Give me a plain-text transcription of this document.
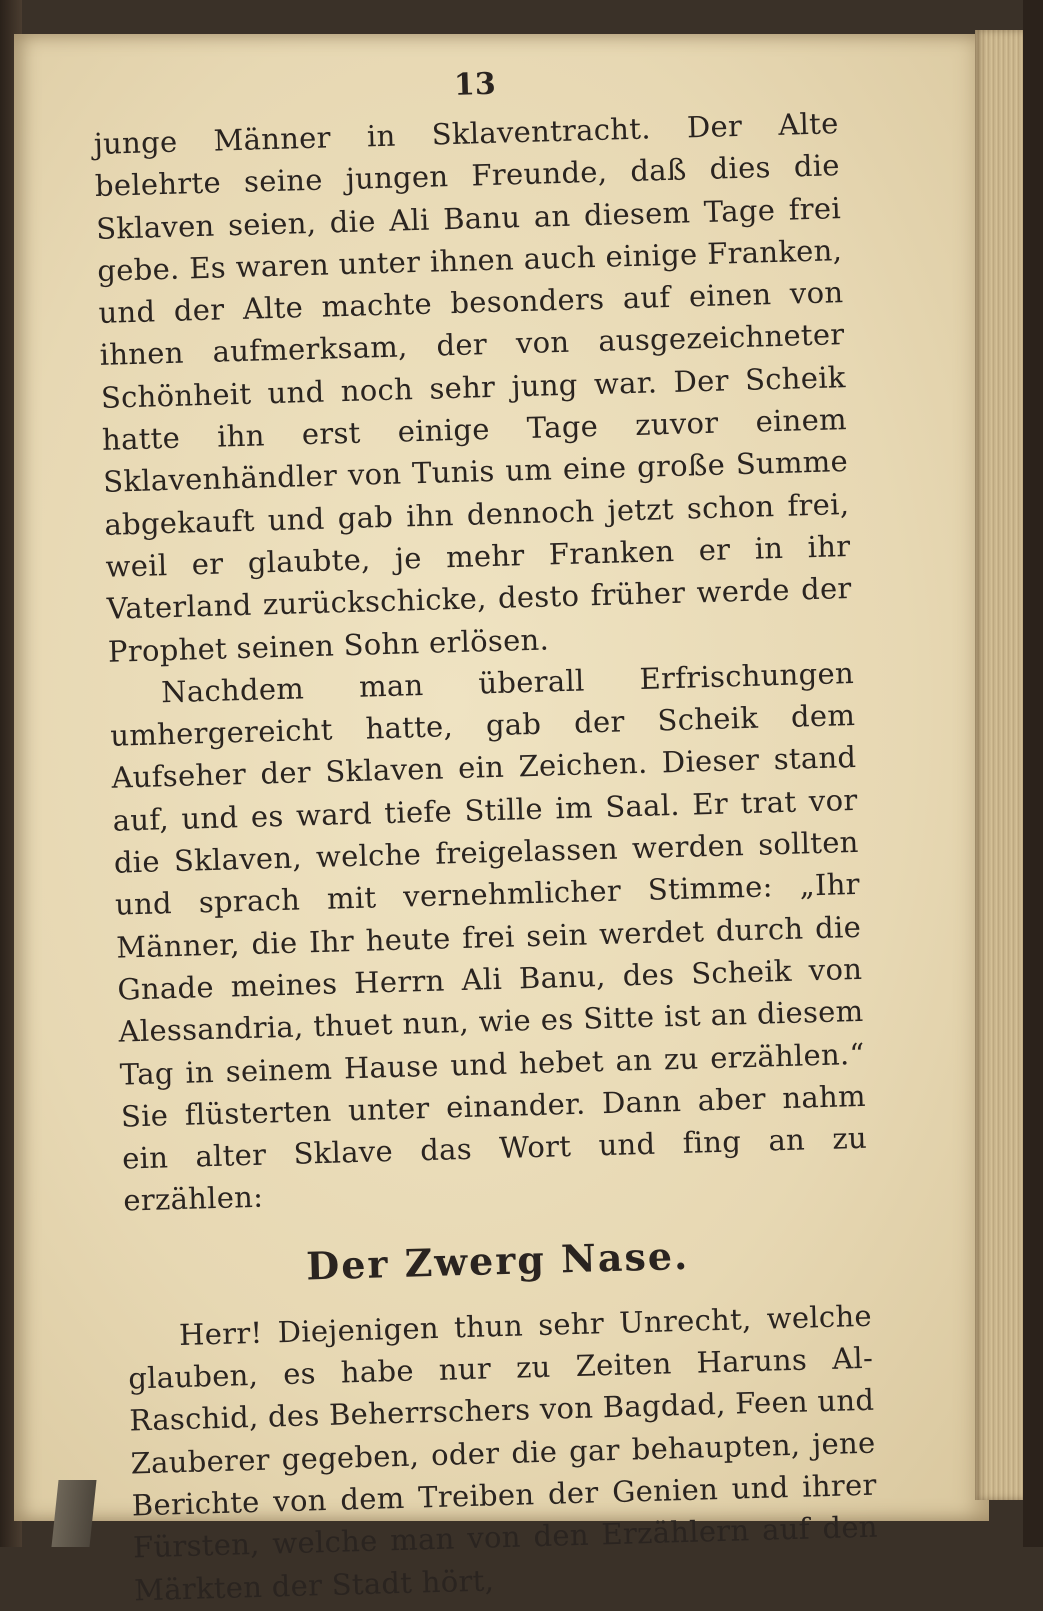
13

junge Männer in Sklaventracht. Der Alte belehrte seine jungen Freunde, daß dies die Sklaven seien, die Ali Banu an diesem Tage frei gebe. Es waren unter ihnen auch einige Franken, und der Alte machte besonders auf einen von ihnen aufmerksam, der von ausgezeichneter Schönheit und noch sehr jung war. Der Scheik hatte ihn erst einige Tage zuvor einem Sklavenhändler von Tunis um eine große Summe abgekauft und gab ihn dennoch jetzt schon frei, weil er glaubte, je mehr Franken er in ihr Vaterland zurückschicke, desto früher werde der Prophet seinen Sohn erlösen.

Nachdem man überall Erfrischungen umhergereicht hatte, gab der Scheik dem Aufseher der Sklaven ein Zeichen. Dieser stand auf, und es ward tiefe Stille im Saal. Er trat vor die Sklaven, welche freigelassen werden sollten und sprach mit vernehmlicher Stimme: „Ihr Männer, die Ihr heute frei sein werdet durch die Gnade meines Herrn Ali Banu, des Scheik von Alessandria, thuet nun, wie es Sitte ist an diesem Tag in seinem Hause und hebet an zu erzählen.“ Sie flüsterten unter einander. Dann aber nahm ein alter Sklave das Wort und fing an zu erzählen:

Der Zwerg Nase.

Herr! Diejenigen thun sehr Unrecht, welche glauben, es habe nur zu Zeiten Haruns Al-Raschid, des Beherrschers von Bagdad, Feen und Zauberer gegeben, oder die gar behaupten, jene Berichte von dem Treiben der Genien und ihrer Fürsten, welche man von den Erzählern auf den Märkten der Stadt hört,
